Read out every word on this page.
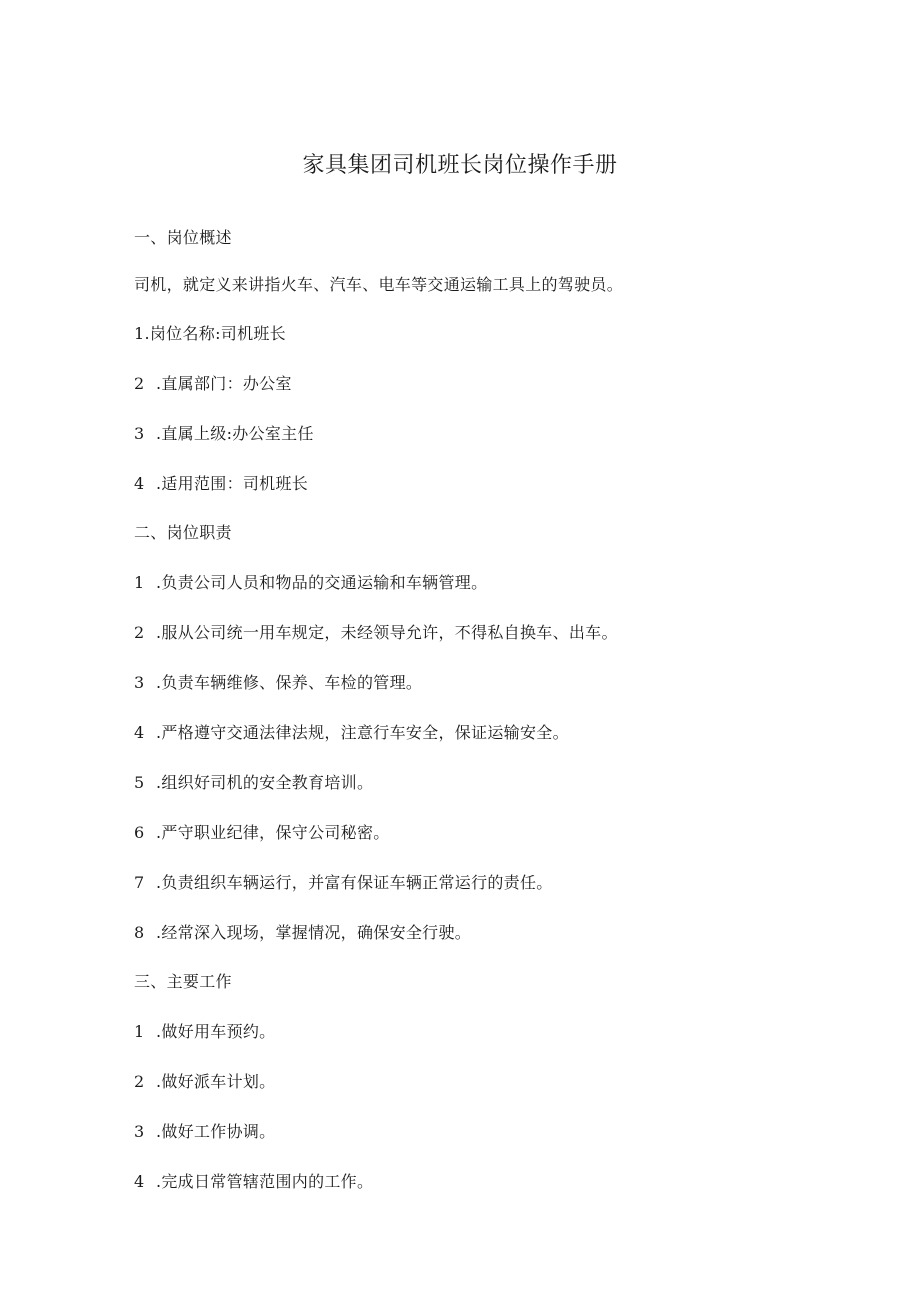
家具集团司机班长岗位操作手册

一、岗位概述

司机，就定义来讲指火车、汽车、电车等交通运输工具上的驾驶员。

1.岗位名称:司机班长

2 .直属部门：办公室

3 .直属上级:办公室主任

4 .适用范围：司机班长

二、岗位职责

1 .负责公司人员和物品的交通运输和车辆管理。

2 .服从公司统一用车规定，未经领导允许，不得私自换车、出车。

3 .负责车辆维修、保养、车检的管理。

4 .严格遵守交通法律法规，注意行车安全，保证运输安全。

5 .组织好司机的安全教育培训。

6 .严守职业纪律，保守公司秘密。

7 .负责组织车辆运行，并富有保证车辆正常运行的责任。

8 .经常深入现场，掌握情况，确保安全行驶。

三、主要工作

1 .做好用车预约。

2 .做好派车计划。

3 .做好工作协调。

4 .完成日常管辖范围内的工作。
